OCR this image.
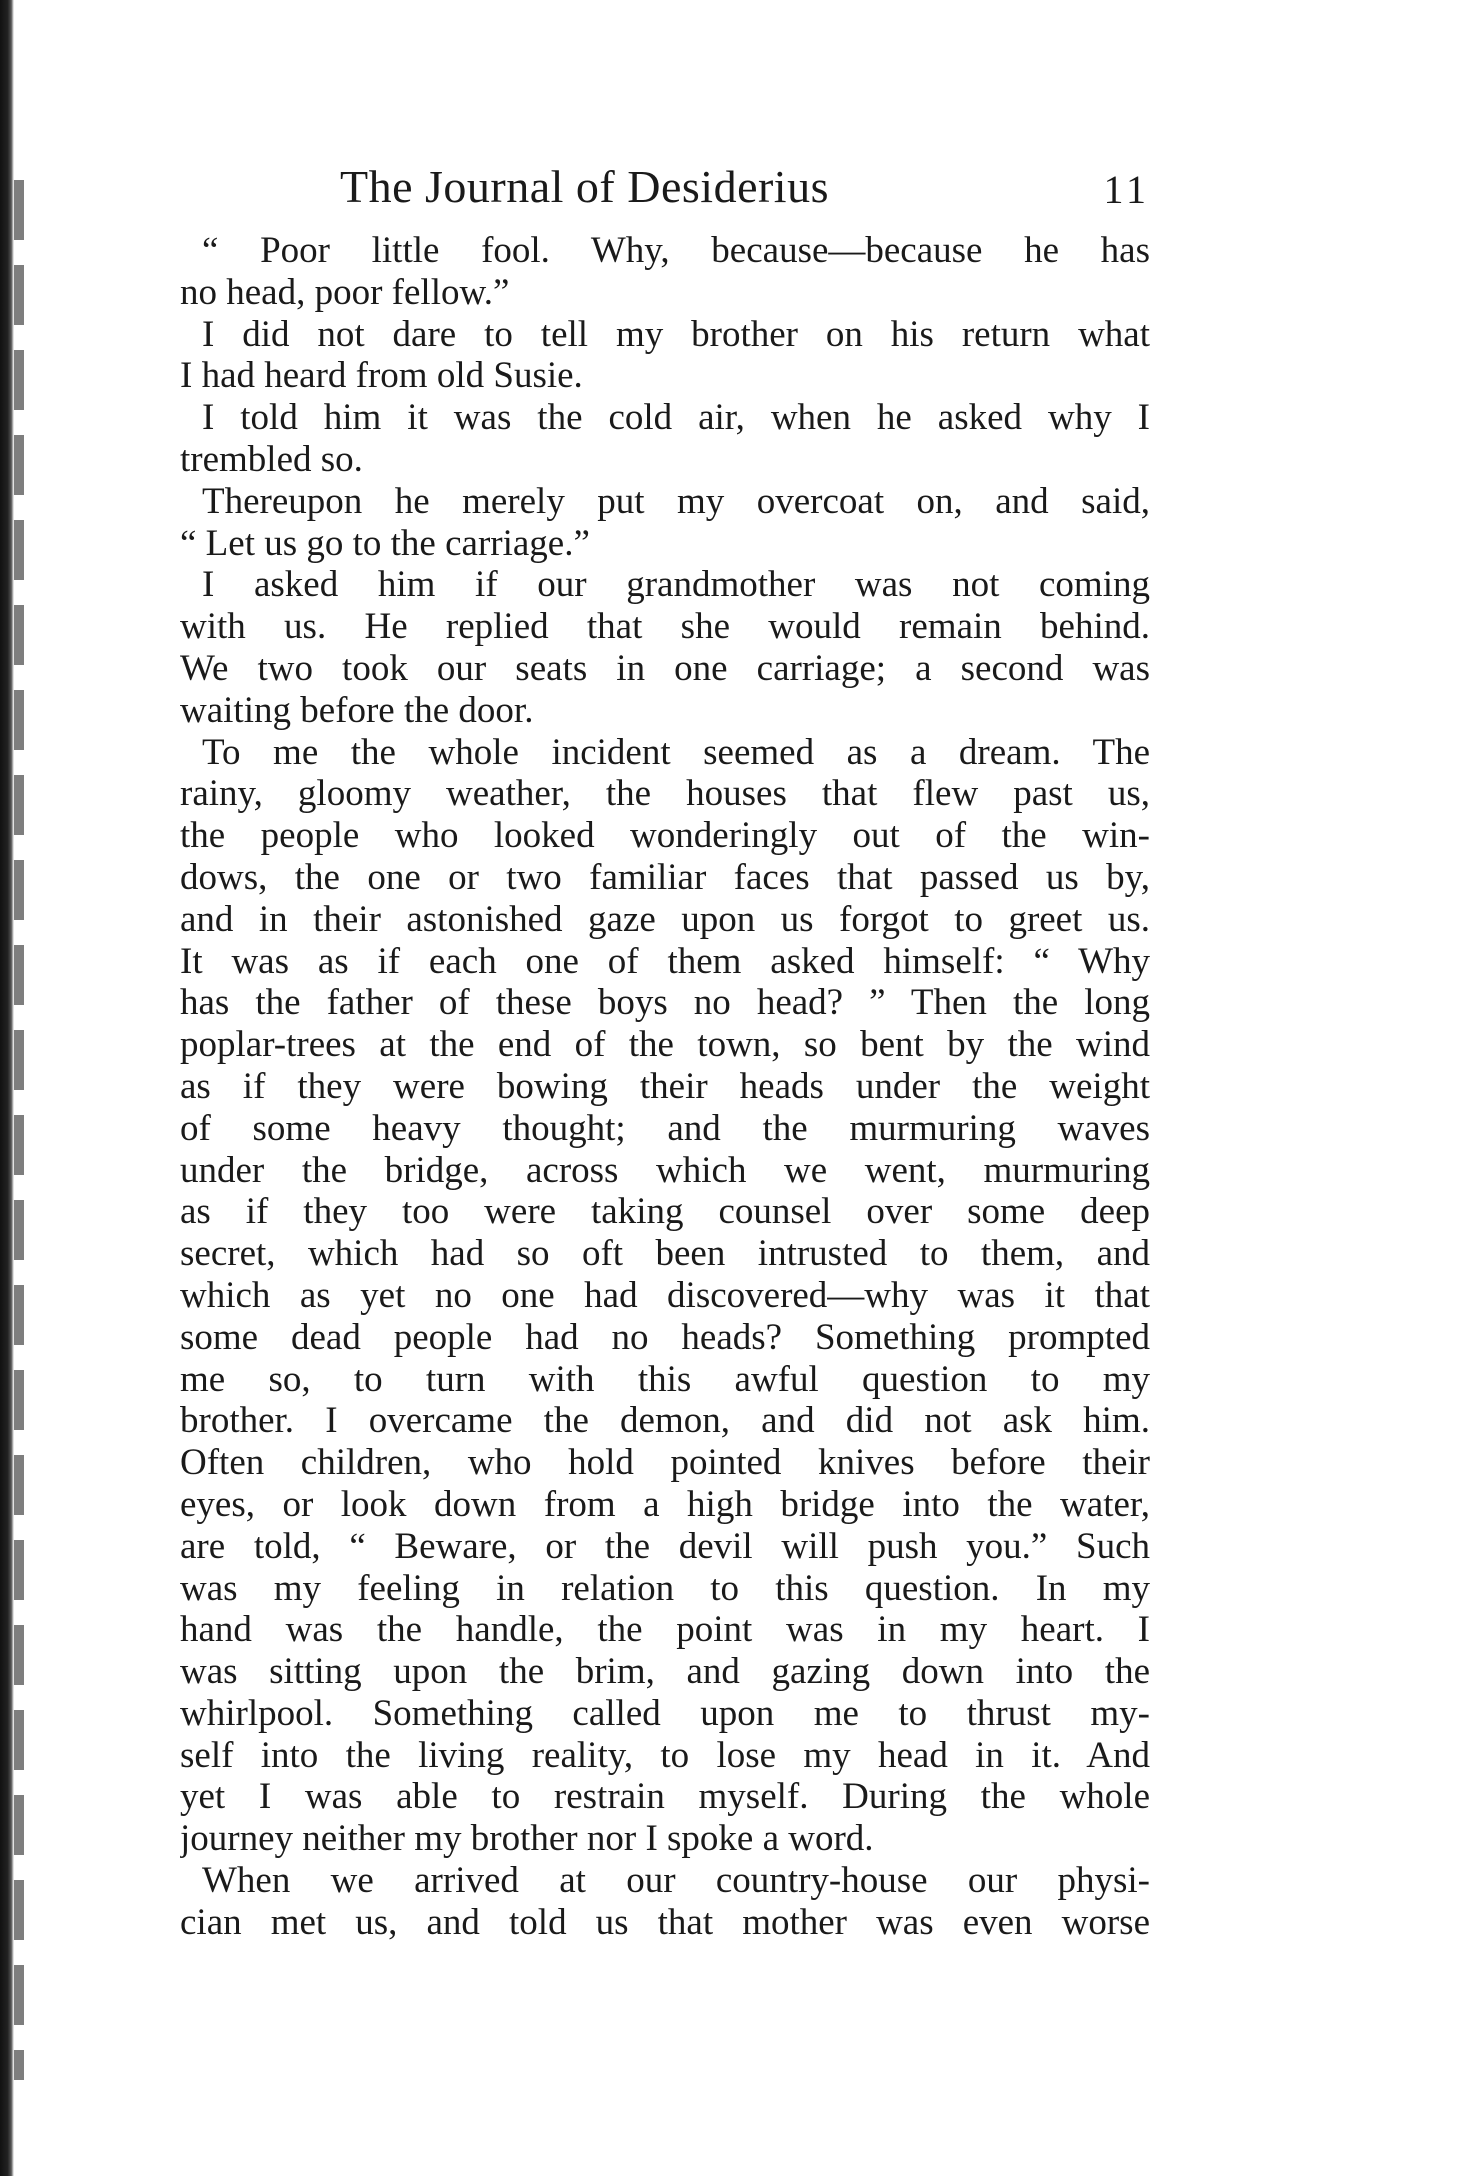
The Journal of Desiderius	11

“ Poor little fool. Why, because—because he has
no head, poor fellow.”

I did not dare to tell my brother on his return what
I had heard from old Susie.

I told him it was the cold air, when he asked why I
trembled so.

Thereupon he merely put my overcoat on, and said,
“ Let us go to the carriage.”

I asked him if our grandmother was not coming
with us. He replied that she would remain behind.
We two took our seats in one carriage; a second was
waiting before the door.

To me the whole incident seemed as a dream. The
rainy, gloomy weather, the houses that flew past us,
the people who looked wonderingly out of the win-
dows, the one or two familiar faces that passed us by,
and in their astonished gaze upon us forgot to greet us.
It was as if each one of them asked himself: “ Why
has the father of these boys no head? ” Then the long
poplar-trees at the end of the town, so bent by the wind
as if they were bowing their heads under the weight
of some heavy thought; and the murmuring waves
under the bridge, across which we went, murmuring
as if they too were taking counsel over some deep
secret, which had so oft been intrusted to them, and
which as yet no one had discovered—why was it that
some dead people had no heads? Something prompted
me so, to turn with this awful question to my
brother. I overcame the demon, and did not ask him.
Often children, who hold pointed knives before their
eyes, or look down from a high bridge into the water,
are told, “ Beware, or the devil will push you.” Such
was my feeling in relation to this question. In my
hand was the handle, the point was in my heart. I
was sitting upon the brim, and gazing down into the
whirlpool. Something called upon me to thrust my-
self into the living reality, to lose my head in it. And
yet I was able to restrain myself. During the whole
journey neither my brother nor I spoke a word.

When we arrived at our country-house our physi-
cian met us, and told us that mother was even worse
